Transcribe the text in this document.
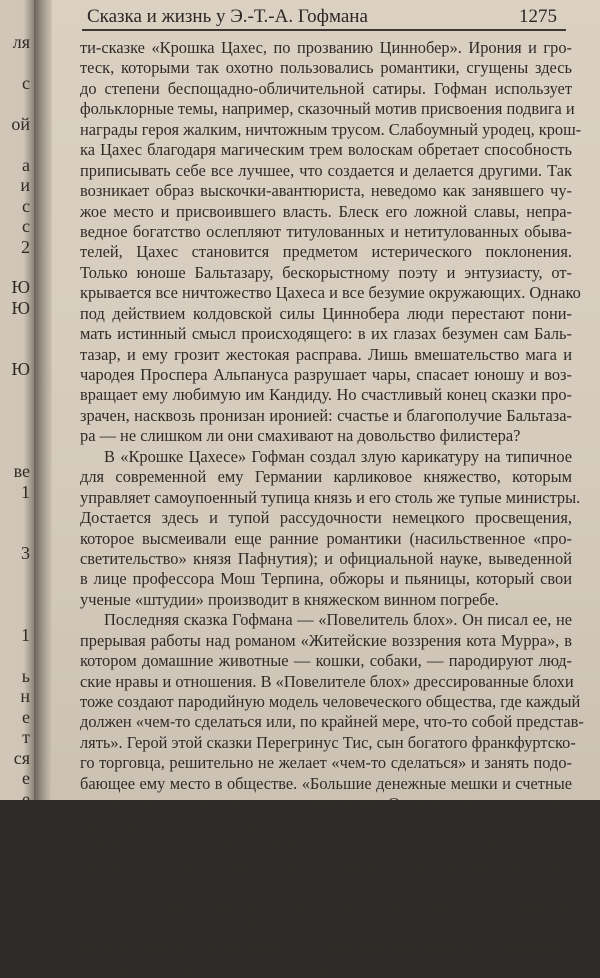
ля
с
ой
а
и
с
с
2
Ю
Ю
Ю
ве
1
3
1
ь
н
е
т
ся
е
е
ь
Сказка и жизнь у Э.-Т.-А. Гофмана	1275
ти-сказке «Крошка Цахес, по прозванию Циннобер». Ирония и гро-
теск, которыми так охотно пользовались романтики, сгущены здесь
до степени беспощадно-обличительной сатиры. Гофман использует
фольклорные темы, например, сказочный мотив присвоения подвига и
награды героя жалким, ничтожным трусом. Слабоумный уродец, крош-
ка Цахес благодаря магическим трем волоскам обретает способность
приписывать себе все лучшее, что создается и делается другими. Так
возникает образ выскочки-авантюриста, неведомо как занявшего чу-
жое место и присвоившего власть. Блеск его ложной славы, непра-
ведное богатство ослепляют титулованных и нетитулованных обыва-
телей, Цахес становится предметом истерического поклонения.
Только юноше Бальтазару, бескорыстному поэту и энтузиасту, от-
крывается все ничтожество Цахеса и все безумие окружающих. Однако
под действием колдовской силы Циннобера люди перестают пони-
мать истинный смысл происходящего: в их глазах безумен сам Баль-
тазар, и ему грозит жестокая расправа. Лишь вмешательство мага и
чародея Проспера Альпануса разрушает чары, спасает юношу и воз-
вращает ему любимую им Кандиду. Но счастливый конец сказки про-
зрачен, насквозь пронизан иронией: счастье и благополучие Бальтаза-
ра — не слишком ли они смахивают на довольство филистера?
В «Крошке Цахесе» Гофман создал злую карикатуру на типичное
для современной ему Германии карликовое княжество, которым
управляет самоупоенный тупица князь и его столь же тупые министры.
Достается здесь и тупой рассудочности немецкого просвещения,
которое высмеивали еще ранние романтики (насильственное «про-
светительство» князя Пафнутия); и официальной науке, выведенной
в лице профессора Мош Терпина, обжоры и пьяницы, который свои
ученые «штудии» производит в княжеском винном погребе.
Последняя сказка Гофмана — «Повелитель блох». Он писал ее, не
прерывая работы над романом «Житейские воззрения кота Мурра», в
котором домашние животные — кошки, собаки, — пародируют люд-
ские нравы и отношения. В «Повелителе блох» дрессированные блохи
тоже создают пародийную модель человеческого общества, где каждый
должен «чем-то сделаться или, по крайней мере, что-то собой представ-
лять». Герой этой сказки Перегринус Тис, сын богатого франкфуртско-
го торговца, решительно не желает «чем-то сделаться» и занять подо-
бающее ему место в обществе. «Большие денежные мешки и счетные
книги» смолоду внушают ему отвращение. Он живет во власти своих
грез и фантазий и увлекается только тем, что затрагивает его внутрен-
ний мир, его душу. Но как ни бежит Перегринус Тис от действительной
жизни, она властно заявляет о себе, когда его неожиданно берут под
арест, хотя он не знает за собой никакой вины. А вины и не надо: тай-
ному советнику Кнаррпанти, который требовал ареста Перегринуса,
важно прежде всего «найти злодея, а злодеяние уж само собой обнару-
жится». Эпизод с Кнаррпанти — едкая критика прусского судопроиз-
водства — привел к тому, что «Повелитель блох» был опубликован с су-
